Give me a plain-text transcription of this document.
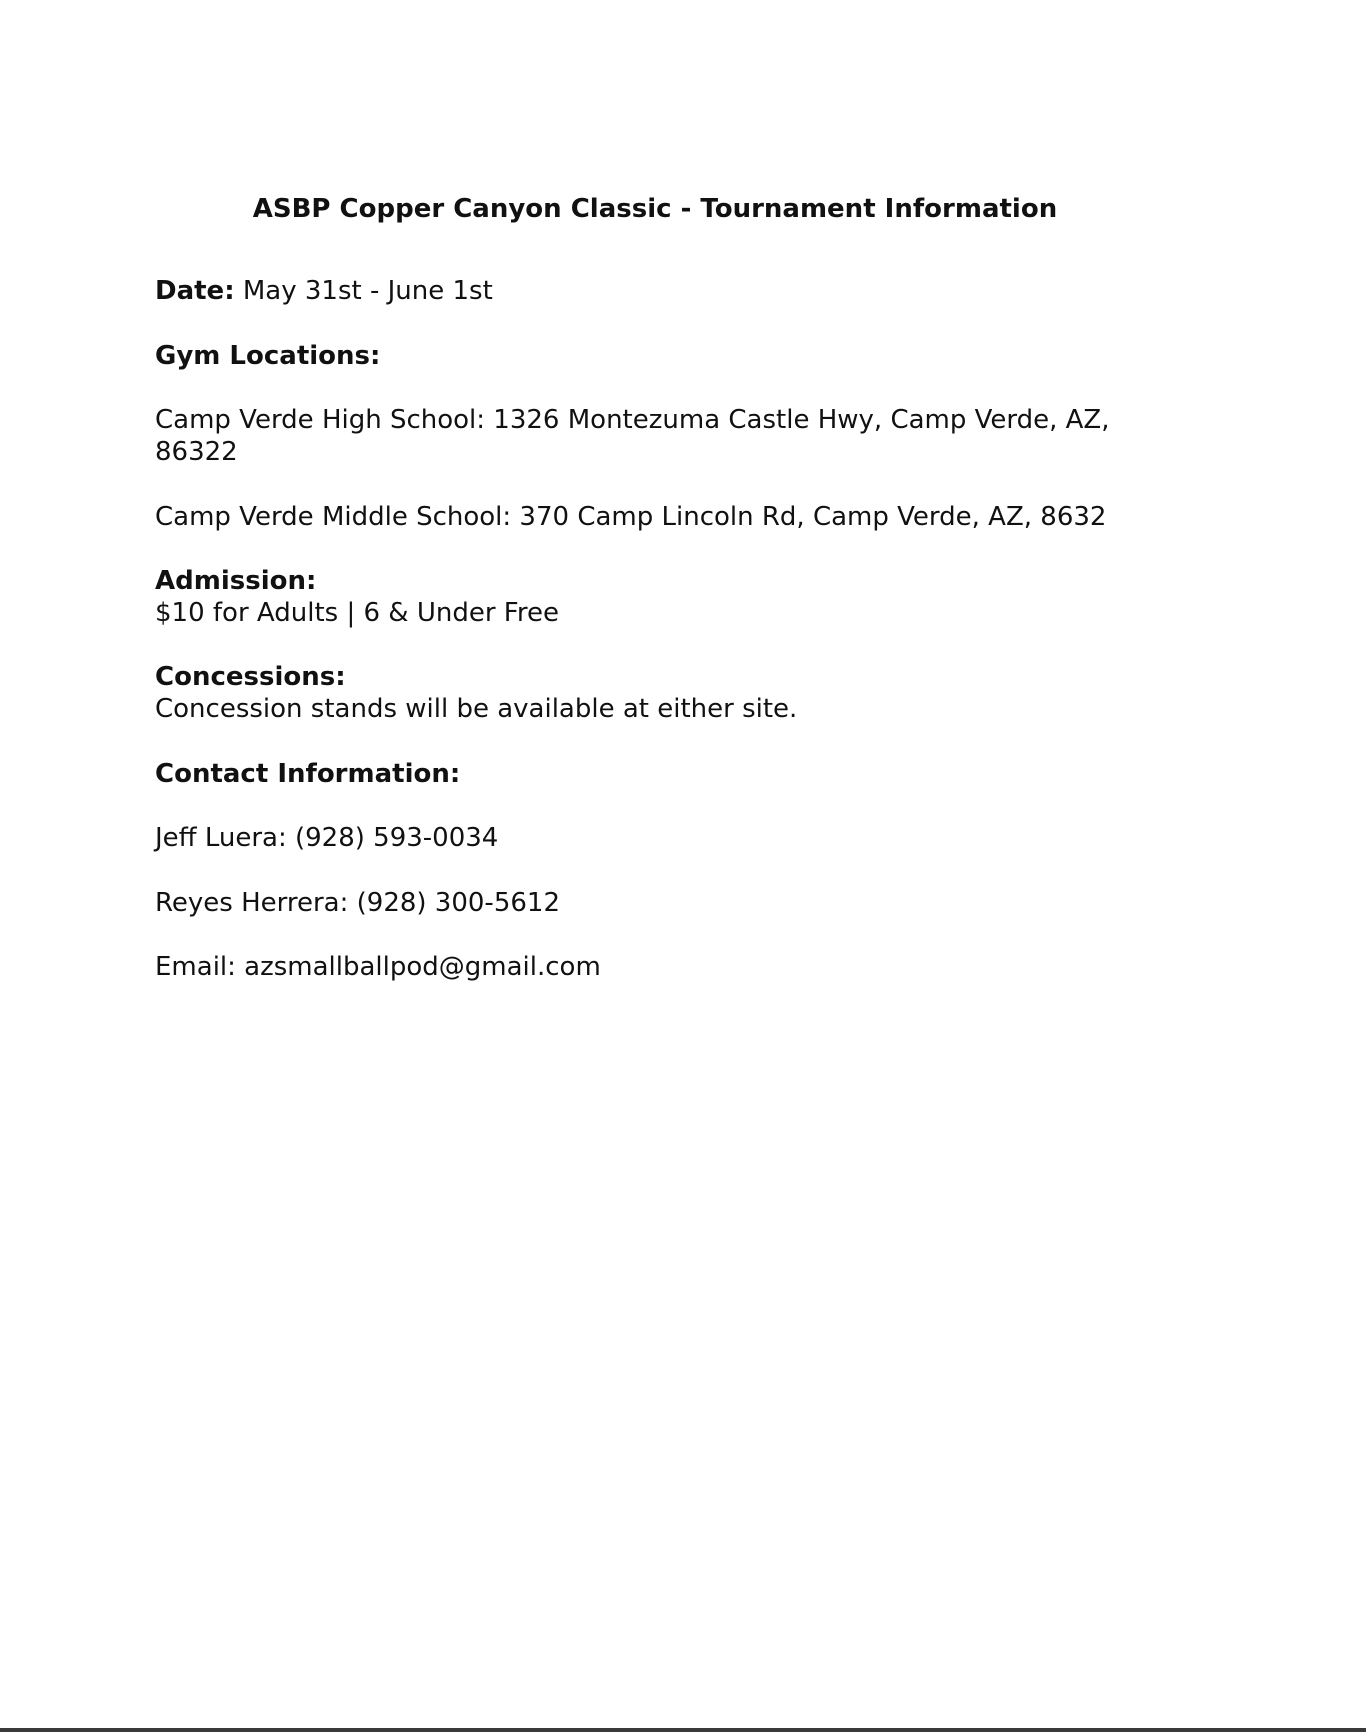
ASBP Copper Canyon Classic - Tournament Information

Date: May 31st - June 1st

Gym Locations:

Camp Verde High School: 1326 Montezuma Castle Hwy, Camp Verde, AZ,

86322

Camp Verde Middle School: 370 Camp Lincoln Rd, Camp Verde, AZ, 8632

Admission:

$10 for Adults | 6 & Under Free

Concessions:

Concession stands will be available at either site.

Contact Information:

Jeff Luera: (928) 593-0034

Reyes Herrera: (928) 300-5612

Email: azsmallballpod@gmail.com
